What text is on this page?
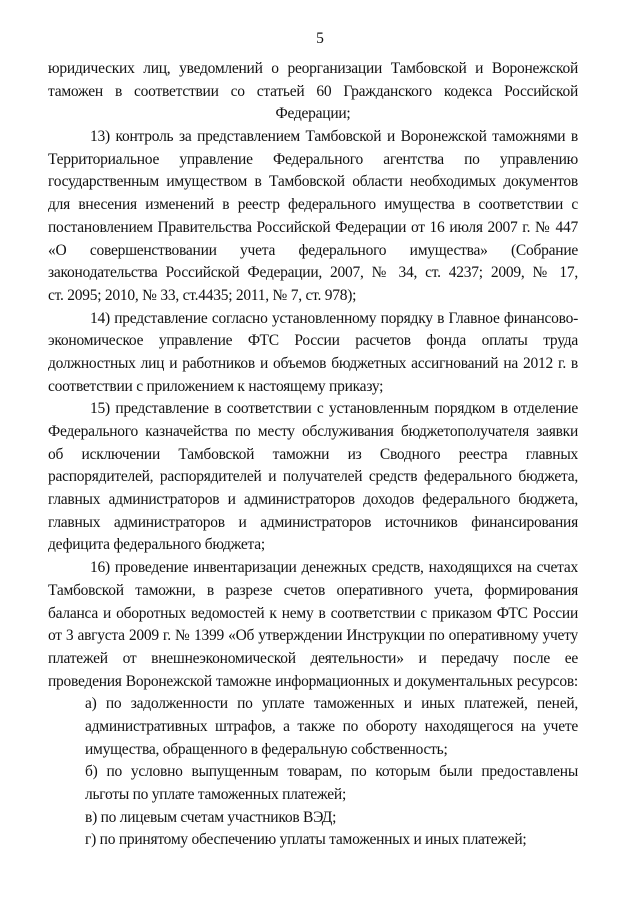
5
юридических лиц, уведомлений о реорганизации Тамбовской и Воронежской
таможен в соответствии со статьей 60 Гражданского кодекса Российской
Федерации;
13) контроль за представлением Тамбовской и Воронежской таможнями в
Территориальное управление Федерального агентства по управлению
государственным имуществом в Тамбовской области необходимых документов
для внесения изменений в реестр федерального имущества в соответствии с
постановлением Правительства Российской Федерации от 16 июля 2007 г. № 447
«О совершенствовании учета федерального имущества» (Собрание
законодательства Российской Федерации, 2007, № 34, ст. 4237; 2009, № 17,
ст. 2095; 2010, № 33, ст.4435; 2011, № 7, ст. 978);
14) представление согласно установленному порядку в Главное финансово-
экономическое управление ФТС России расчетов фонда оплаты труда
должностных лиц и работников и объемов бюджетных ассигнований на 2012 г. в
соответствии с приложением к настоящему приказу;
15) представление в соответствии с установленным порядком в отделение
Федерального казначейства по месту обслуживания бюджетополучателя заявки
об исключении Тамбовской таможни из Сводного реестра главных
распорядителей, распорядителей и получателей средств федерального бюджета,
главных администраторов и администраторов доходов федерального бюджета,
главных администраторов и администраторов источников финансирования
дефицита федерального бюджета;
16) проведение инвентаризации денежных средств, находящихся на счетах
Тамбовской таможни, в разрезе счетов оперативного учета, формирования
баланса и оборотных ведомостей к нему в соответствии с приказом ФТС России
от 3 августа 2009 г. № 1399 «Об утверждении Инструкции по оперативному учету
платежей от внешнеэкономической деятельности» и передачу после ее
проведения Воронежской таможне информационных и документальных ресурсов:
а) по задолженности по уплате таможенных и иных платежей, пеней,
административных штрафов, а также по обороту находящегося на учете
имущества, обращенного в федеральную собственность;
б) по условно выпущенным товарам, по которым были предоставлены
льготы по уплате таможенных платежей;
в) по лицевым счетам участников ВЭД;
г) по принятому обеспечению уплаты таможенных и иных платежей;
